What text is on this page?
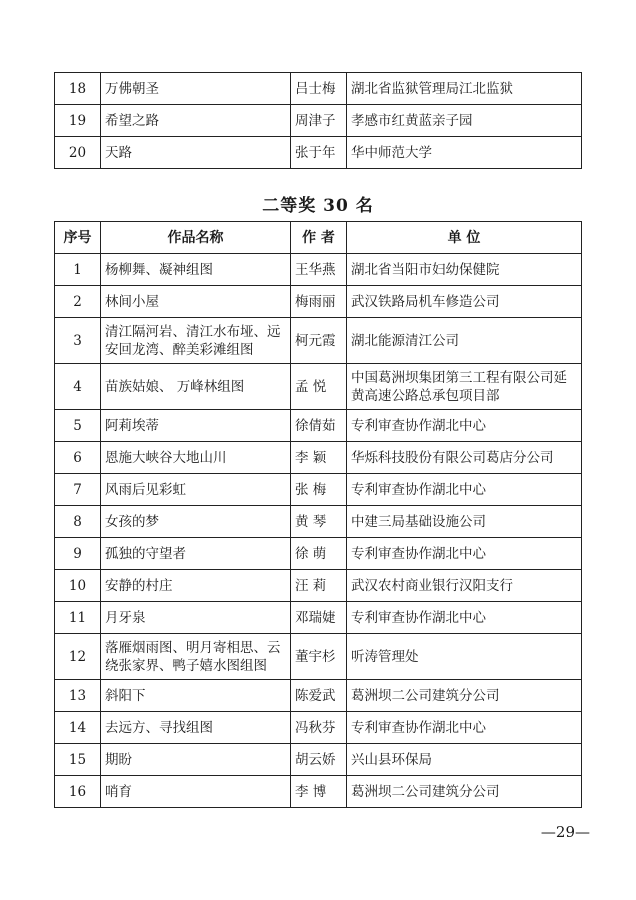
18	万佛朝圣	吕士梅	湖北省监狱管理局江北监狱
19	希望之路	周津子	孝感市红黄蓝亲子园
20	天路	张于年	华中师范大学
二等奖 30 名
序号	作品名称	作 者	单 位
1	杨柳舞、凝神组图	王华燕	湖北省当阳市妇幼保健院
2	林间小屋	梅雨丽	武汉铁路局机车修造公司
3	清江隔河岩、清江水布垭、远安回龙湾、醉美彩滩组图	柯元霞	湖北能源清江公司
4	苗族姑娘、 万峰林组图	孟 悦	中国葛洲坝集团第三工程有限公司延黄高速公路总承包项目部
5	阿莉埃蒂	徐倩茹	专利审查协作湖北中心
6	恩施大峡谷大地山川	李 颖	华烁科技股份有限公司葛店分公司
7	风雨后见彩虹	张 梅	专利审查协作湖北中心
8	女孩的梦	黄 琴	中建三局基础设施公司
9	孤独的守望者	徐 萌	专利审查协作湖北中心
10	安静的村庄	汪 莉	武汉农村商业银行汉阳支行
11	月牙泉	邓瑞婕	专利审查协作湖北中心
12	落雁烟雨图、明月寄相思、云绕张家界、鸭子嬉水图组图	董宇杉	听涛管理处
13	斜阳下	陈爱武	葛洲坝二公司建筑分公司
14	去远方、寻找组图	冯秋芬	专利审查协作湖北中心
15	期盼	胡云娇	兴山县环保局
16	哨育	李 博	葛洲坝二公司建筑分公司
—29—
